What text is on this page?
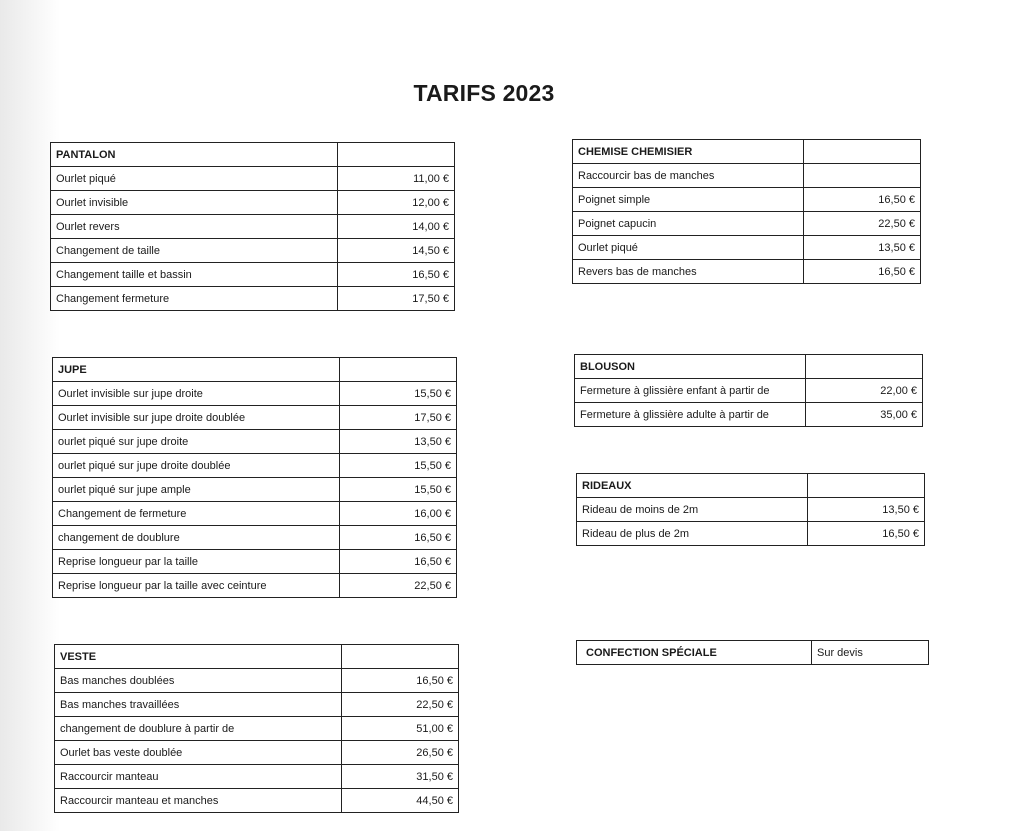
TARIFS 2023
PANTALON	
Ourlet piqué	11,00 €
Ourlet invisible	12,00 €
Ourlet revers	14,00 €
Changement de taille	14,50 €
Changement taille et bassin	16,50 €
Changement fermeture	17,50 €
JUPE	
Ourlet invisible sur jupe droite	15,50 €
Ourlet invisible sur jupe droite doublée	17,50 €
ourlet piqué sur jupe droite	13,50 €
ourlet piqué sur jupe droite doublée	15,50 €
ourlet piqué sur jupe ample	15,50 €
Changement de fermeture	16,00 €
changement de doublure	16,50 €
Reprise longueur par la taille	16,50 €
Reprise longueur par la taille avec ceinture	22,50 €
VESTE	
Bas manches doublées	16,50 €
Bas manches travaillées	22,50 €
changement de doublure à partir de	51,00 €
Ourlet bas veste doublée	26,50 €
Raccourcir manteau	31,50 €
Raccourcir manteau et manches	44,50 €
CHEMISE CHEMISIER	
Raccourcir bas de manches	
Poignet simple	16,50 €
Poignet capucin	22,50 €
Ourlet piqué	13,50 €
Revers bas de manches	16,50 €
BLOUSON	
Fermeture à glissière enfant à partir de	22,00 €
Fermeture à glissière adulte à partir de	35,00 €
RIDEAUX	
Rideau de moins de 2m	13,50 €
Rideau de plus de 2m	16,50 €
CONFECTION SPÉCIALE	Sur devis
